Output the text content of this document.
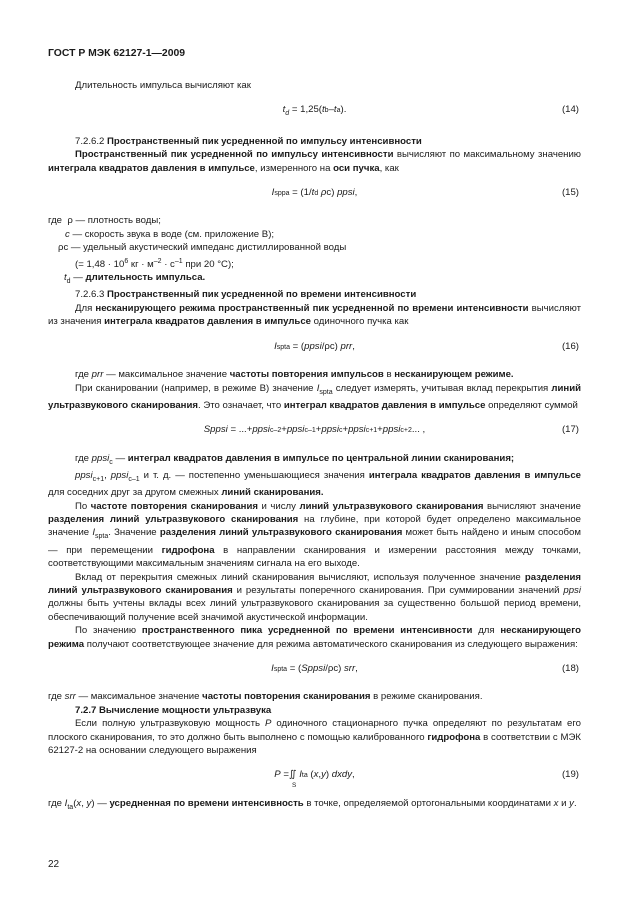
ГОСТ Р МЭК 62127-1—2009

Длительность импульса вычисляют как

$t_d = 1,25$( t b – t a ).	(14)

7.2.6.2 Пространственный пик усредненной по импульсу интенсивности

Пространственный пик усредненной по импульсу интенсивности вычисляют по максимальному значению интеграла квадратов давления в импульсе, измеренного на оси пучка, как

I sppa = (1/ t d
ρ c) ppsi ,	(15)

где  ρ — плотность воды;

c — скорость звука в воде (см. приложение В);

ρc — удельный акустический импеданс дистиллированной воды

(= $1,48 \cdot 10^6$ кг · $м^{-2} \cdot с^{-1}$ при 20 °С);

$t_d$ — длительность импульса.

7.2.6.3 Пространственный пик усредненной по времени интенсивности

Для несканирующего режима пространственный пик усредненной по времени интенсивности вычисляют из значения интеграла квадратов давления в импульсе одиночного пучка как

I spta = ( ppsi /ρc) prr ,	(16)

где prr — максимальное значение частоты повторения импульсов в несканирующем режиме.

При сканировании (например, в режиме В) значение $I_{spta}$ следует измерять, учитывая вклад перекрытия линий ультразвукового сканирования. Это означает, что интеграл квадратов давления в импульсе определяют суммой

Sppsi = ...+ ppsi c–2 + ppsi c–1 + ppsi c + ppsi c+1 + ppsi c+2 ... ,	(17)

где ppsi$_c$ — интеграл квадратов давления в импульсе по центральной линии сканирования;

ppsi$_{c+1}$, ppsi$_{c-1}$ и т. д. — постепенно уменьшающиеся значения интеграла квадратов давления в импульсе для соседних друг за другом смежных линий сканирования.

По частоте повторения сканирования и числу линий ультразвукового сканирования вычисляют значение разделения линий ультразвукового сканирования на глубине, при которой будет определено максимальное значение $I_{spta}$. Значение разделения линий ультразвукового сканирования может быть найдено и иным способом — при перемещении гидрофона в направлении сканирования и измерении расстояния между точками, соответствующими максимальным значениям сигнала на его выходе.

Вклад от перекрытия смежных линий сканирования вычисляют, используя полученное значение разделения линий ультразвукового сканирования и результаты поперечного сканирования. При суммировании значений ppsi должны быть учтены вклады всех линий ультразвукового сканирования за существенно большой период времени, обеспечивающий получение всей значимой акустической информации.

По значению пространственного пика усредненной по времени интенсивности для несканирующего режима получают соответствующее значение для режима автоматического сканирования из следующего выражения:

I spta = ( Sppsi /ρc) srr ,	(18)

где srr — максимальное значение частоты повторения сканирования в режиме сканирования.

7.2.7 Вычисление мощности ультразвука

Если полную ультразвуковую мощность P одиночного стационарного пучка определяют по результатам его плоского сканирования, то это должно быть выполнено с помощью калиброванного гидрофона в соответствии с МЭК 62127-2 на основании следующего выражения

P = ∬
S

I ta ( x , y ) dxdy ,	(19)

где $I_{ta}(x$, y) — усредненная по времени интенсивность в точке, определяемой ортогональными координатами x и y.

22
